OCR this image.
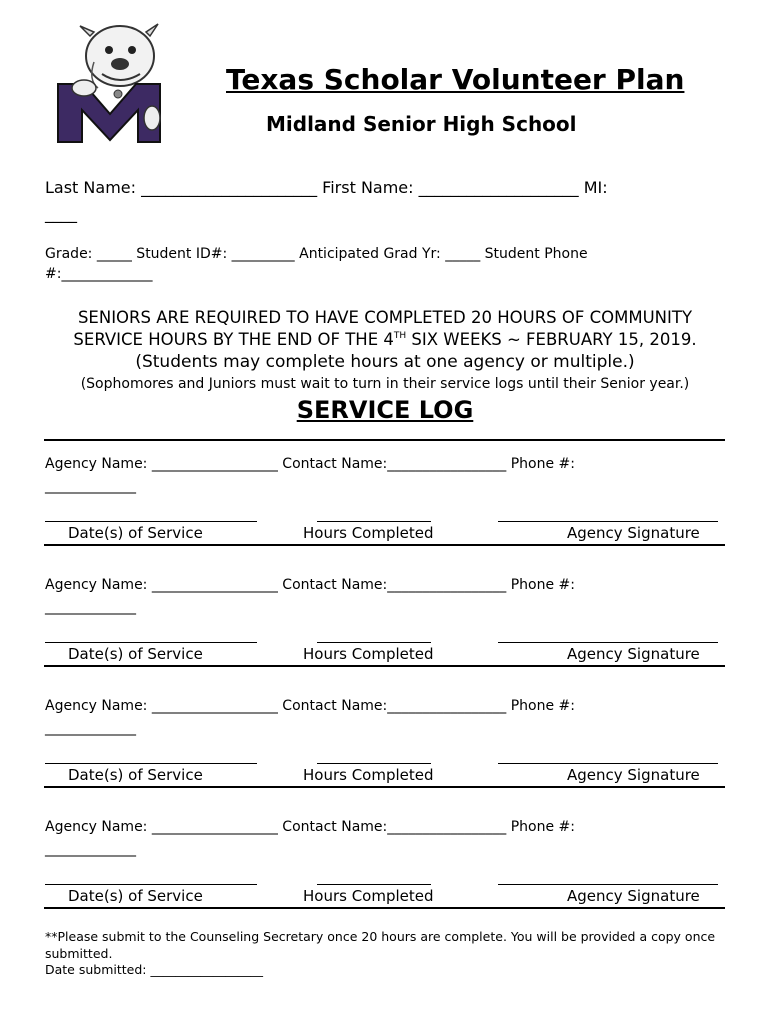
Texas Scholar Volunteer Plan
Midland Senior High School
Last Name: ______________________ First Name: ____________________ MI:
____
Grade: _____ Student ID#: _________ Anticipated Grad Yr: _____ Student Phone
#:_____________
SENIORS ARE REQUIRED TO HAVE COMPLETED 20 HOURS OF COMMUNITY
SERVICE HOURS BY THE END OF THE 4TH SIX WEEKS ~ FEBRUARY 15, 2019.
(Students may complete hours at one agency or multiple.)
(Sophomores and Juniors must wait to turn in their service logs until their Senior year.)
SERVICE LOG
Agency Name: __________________ Contact Name:_________________ Phone #:
_____________
Date(s) of Service	Hours Completed	Agency Signature
Agency Name: __________________ Contact Name:_________________ Phone #:
_____________
Date(s) of Service	Hours Completed	Agency Signature
Agency Name: __________________ Contact Name:_________________ Phone #:
_____________
Date(s) of Service	Hours Completed	Agency Signature
Agency Name: __________________ Contact Name:_________________ Phone #:
_____________
Date(s) of Service	Hours Completed	Agency Signature
**Please submit to the Counseling Secretary once 20 hours are complete. You will be provided a copy once submitted.
Date submitted: __________________
